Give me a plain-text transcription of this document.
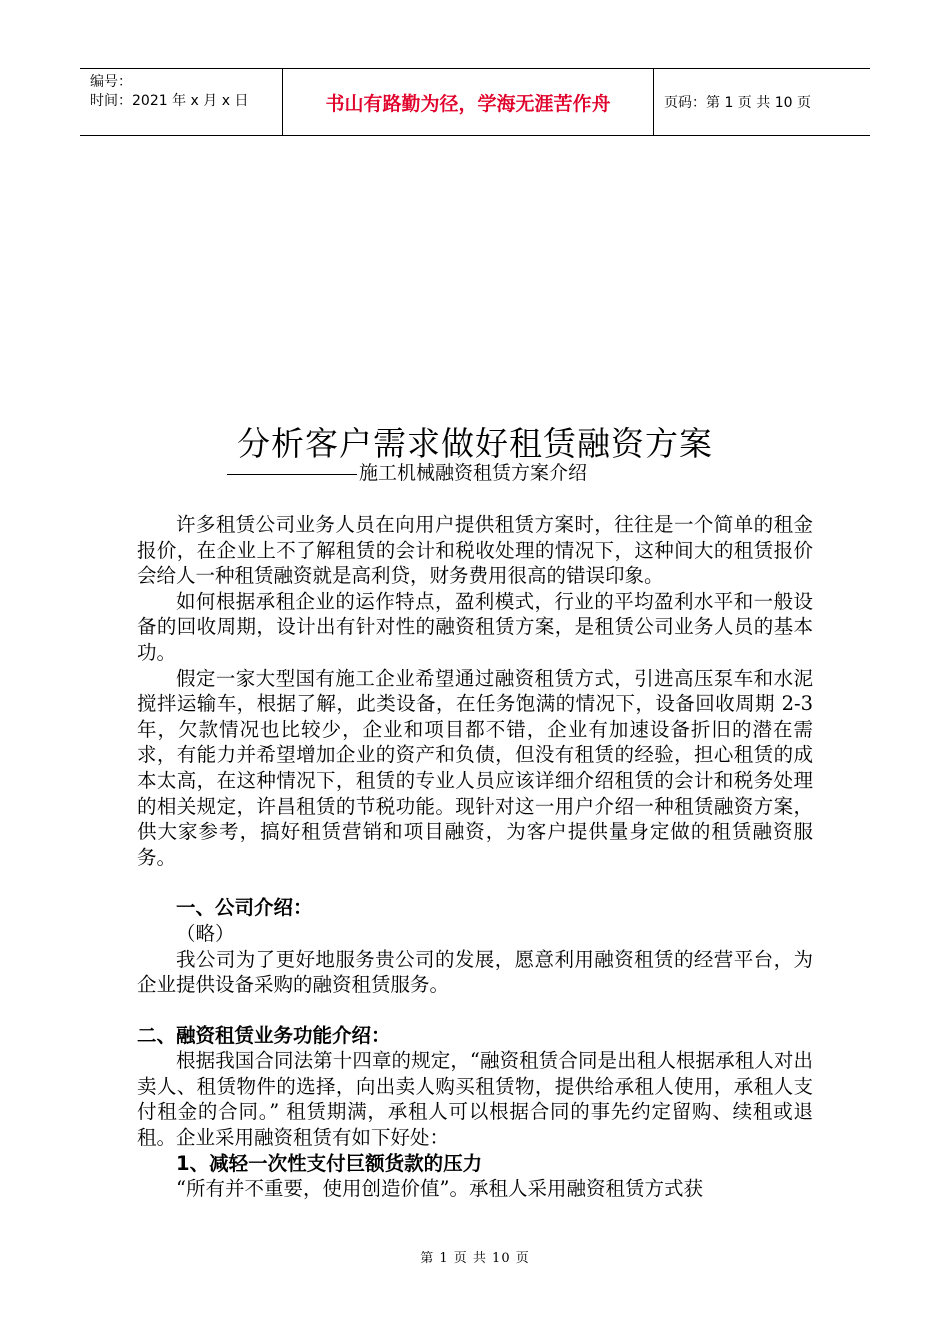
编号：
时间：2021 年 x 月 x 日	书山有路勤为径，学海无涯苦作舟	页码：第 1 页 共 10 页
分析客户需求做好租赁融资方案
施工机械融资租赁方案介绍

许多租赁公司业务人员在向用户提供租赁方案时，往往是一个简单的租金报价，在企业上不了解租赁的会计和税收处理的情况下，这种间大的租赁报价会给人一种租赁融资就是高利贷，财务费用很高的错误印象。

如何根据承租企业的运作特点，盈利模式，行业的平均盈利水平和一般设备的回收周期，设计出有针对性的融资租赁方案，是租赁公司业务人员的基本功。

假定一家大型国有施工企业希望通过融资租赁方式，引进高压泵车和水泥搅拌运输车，根据了解，此类设备，在任务饱满的情况下，设备回收周期 2-3 年，欠款情况也比较少，企业和项目都不错，企业有加速设备折旧的潜在需求，有能力并希望增加企业的资产和负债，但没有租赁的经验，担心租赁的成本太高，在这种情况下，租赁的专业人员应该详细介绍租赁的会计和税务处理的相关规定，许昌租赁的节税功能。现针对这一用户介绍一种租赁融资方案，供大家参考，搞好租赁营销和项目融资，为客户提供量身定做的租赁融资服务。

一、公司介绍：

（略）

我公司为了更好地服务贵公司的发展，愿意利用融资租赁的经营平台，为企业提供设备采购的融资租赁服务。

二、融资租赁业务功能介绍：

根据我国合同法第十四章的规定，“融资租赁合同是出租人根据承租人对出卖人、租赁物件的选择，向出卖人购买租赁物，提供给承租人使用，承租人支付租金的合同。” 租赁期满，承租人可以根据合同的事先约定留购、续租或退租。企业采用融资租赁有如下好处：

1、减轻一次性支付巨额货款的压力

“所有并不重要，使用创造价值”。承租人采用融资租赁方式获

第 1 页 共 10 页
